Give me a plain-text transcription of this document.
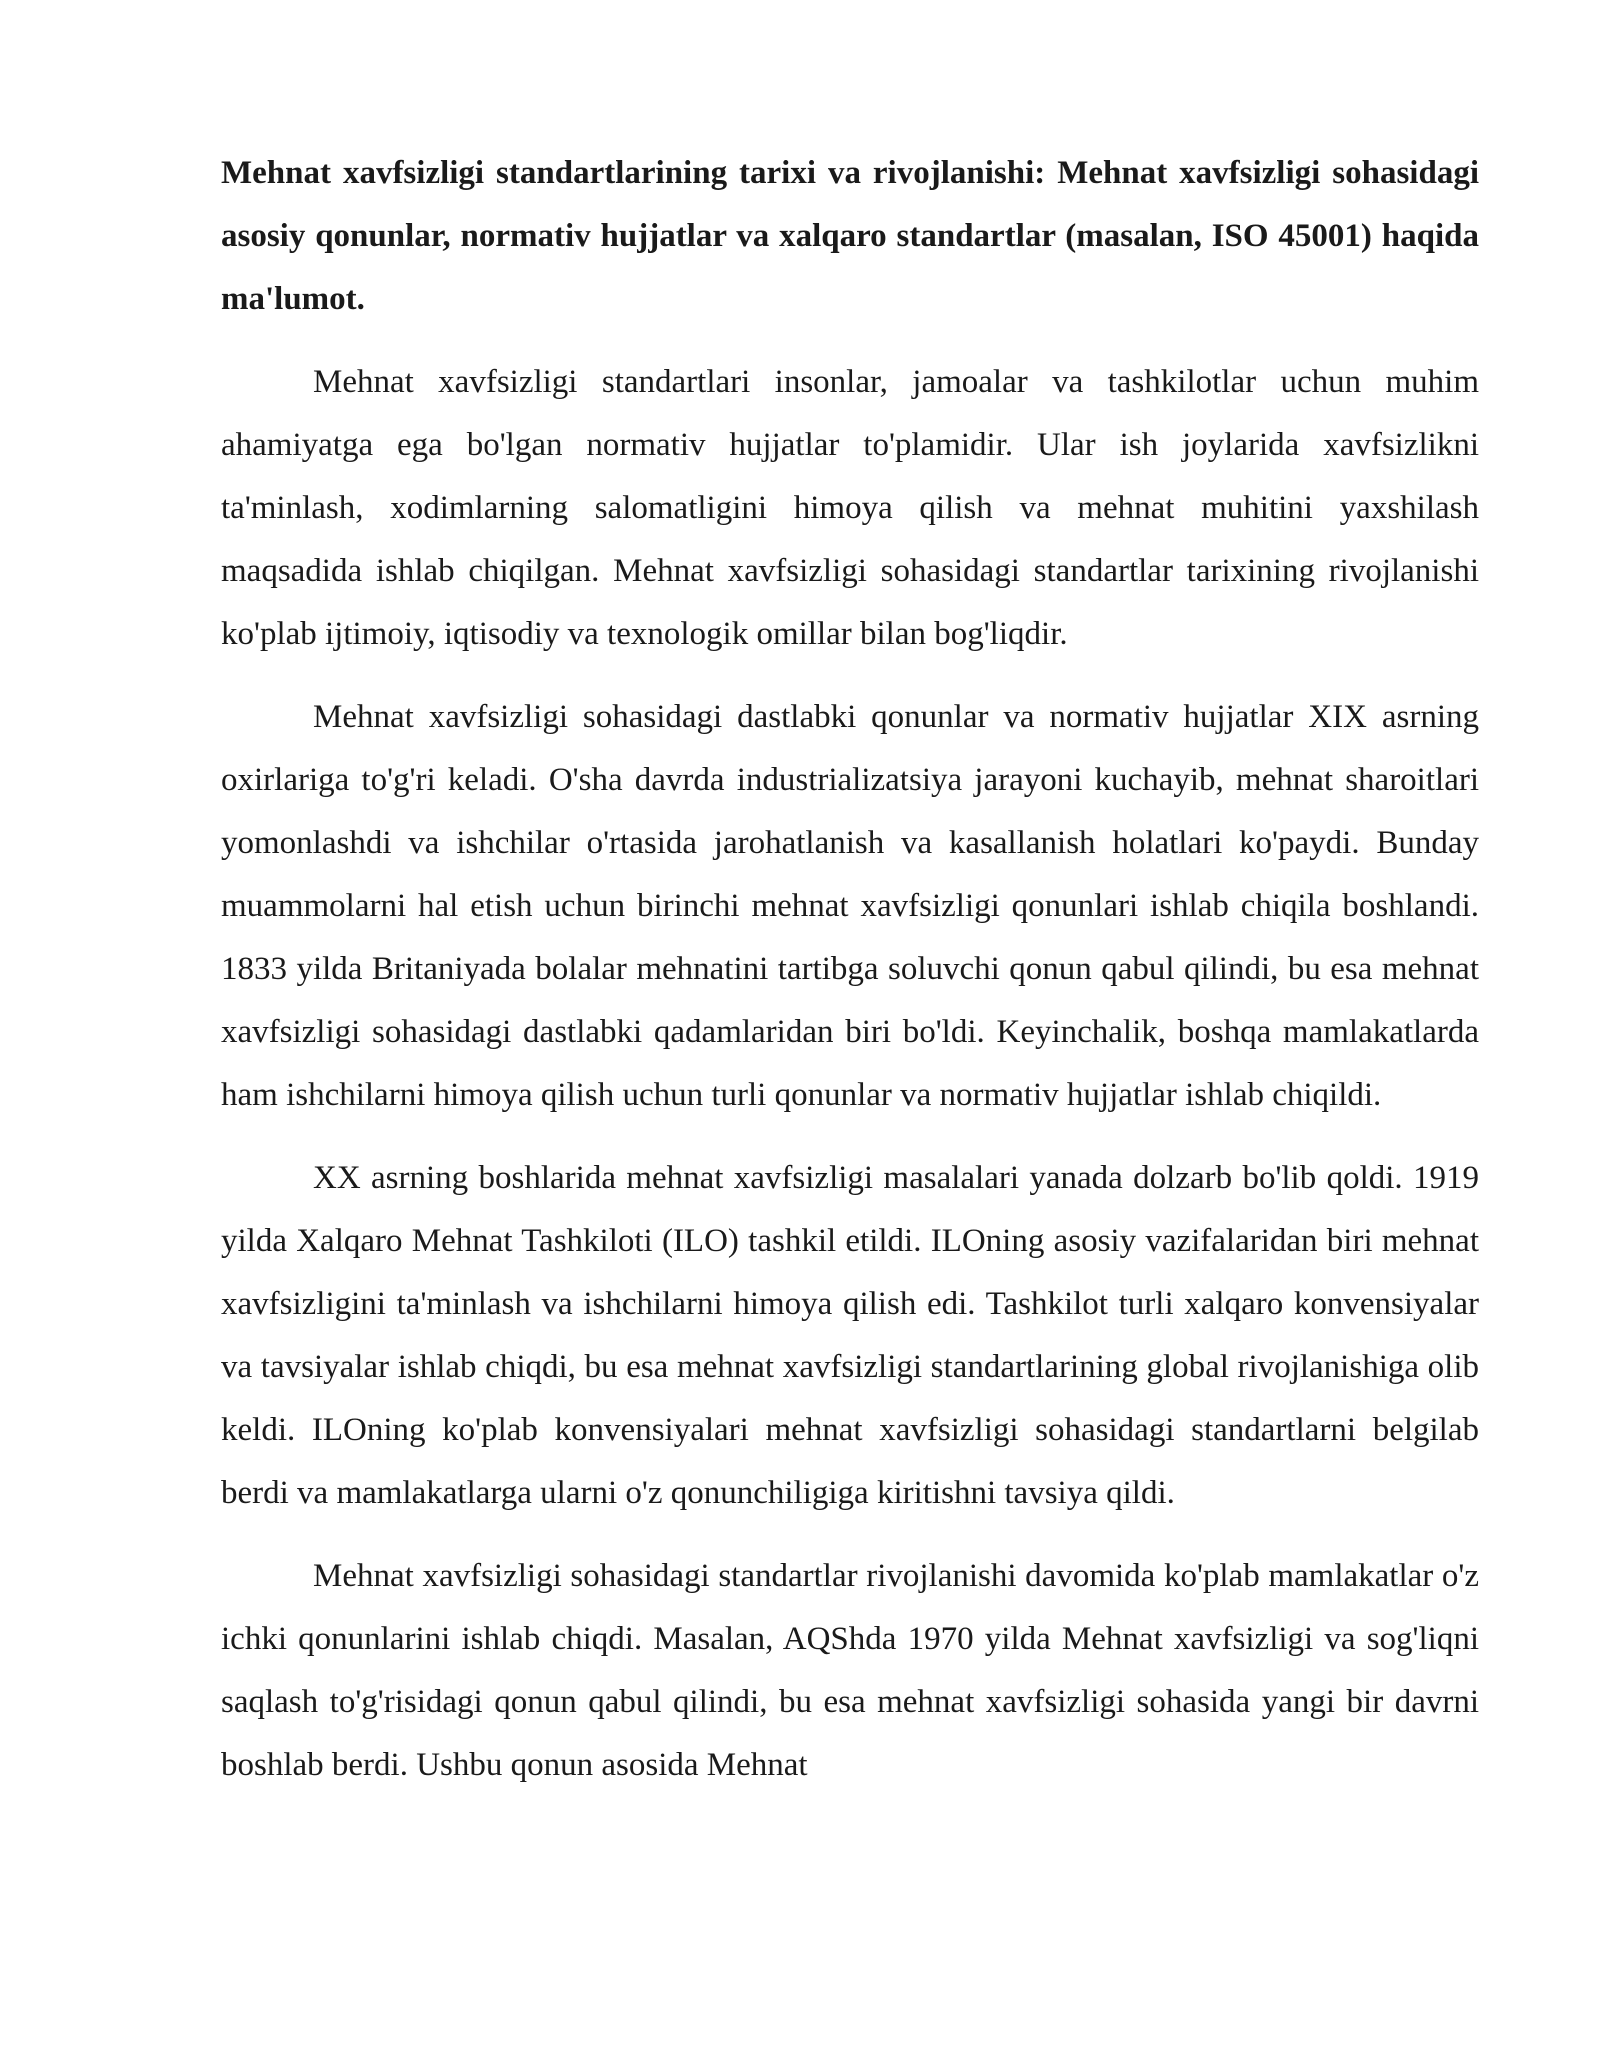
Mehnat xavfsizligi standartlarining tarixi va rivojlanishi: Mehnat xavfsizligi sohasidagi asosiy qonunlar, normativ hujjatlar va xalqaro standartlar (masalan, ISO 45001) haqida ma'lumot.

Mehnat xavfsizligi standartlari insonlar, jamoalar va tashkilotlar uchun muhim ahamiyatga ega bo'lgan normativ hujjatlar to'plamidir. Ular ish joylarida xavfsizlikni ta'minlash, xodimlarning salomatligini himoya qilish va mehnat muhitini yaxshilash maqsadida ishlab chiqilgan. Mehnat xavfsizligi sohasidagi standartlar tarixining rivojlanishi ko'plab ijtimoiy, iqtisodiy va texnologik omillar bilan bog'liqdir.

Mehnat xavfsizligi sohasidagi dastlabki qonunlar va normativ hujjatlar XIX asrning oxirlariga to'g'ri keladi. O'sha davrda industrializatsiya jarayoni kuchayib, mehnat sharoitlari yomonlashdi va ishchilar o'rtasida jarohatlanish va kasallanish holatlari ko'paydi. Bunday muammolarni hal etish uchun birinchi mehnat xavfsizligi qonunlari ishlab chiqila boshlandi. 1833 yilda Britaniyada bolalar mehnatini tartibga soluvchi qonun qabul qilindi, bu esa mehnat xavfsizligi sohasidagi dastlabki qadamlaridan biri bo'ldi. Keyinchalik, boshqa mamlakatlarda ham ishchilarni himoya qilish uchun turli qonunlar va normativ hujjatlar ishlab chiqildi.

XX asrning boshlarida mehnat xavfsizligi masalalari yanada dolzarb bo'lib qoldi. 1919 yilda Xalqaro Mehnat Tashkiloti (ILO) tashkil etildi. ILOning asosiy vazifalaridan biri mehnat xavfsizligini ta'minlash va ishchilarni himoya qilish edi. Tashkilot turli xalqaro konvensiyalar va tavsiyalar ishlab chiqdi, bu esa mehnat xavfsizligi standartlarining global rivojlanishiga olib keldi. ILOning ko'plab konvensiyalari mehnat xavfsizligi sohasidagi standartlarni belgilab berdi va mamlakatlarga ularni o'z qonunchiligiga kiritishni tavsiya qildi.

Mehnat xavfsizligi sohasidagi standartlar rivojlanishi davomida ko'plab mamlakatlar o'z ichki qonunlarini ishlab chiqdi. Masalan, AQShda 1970 yilda Mehnat xavfsizligi va sog'liqni saqlash to'g'risidagi qonun qabul qilindi, bu esa mehnat xavfsizligi sohasida yangi bir davrni boshlab berdi. Ushbu qonun asosida Mehnat
